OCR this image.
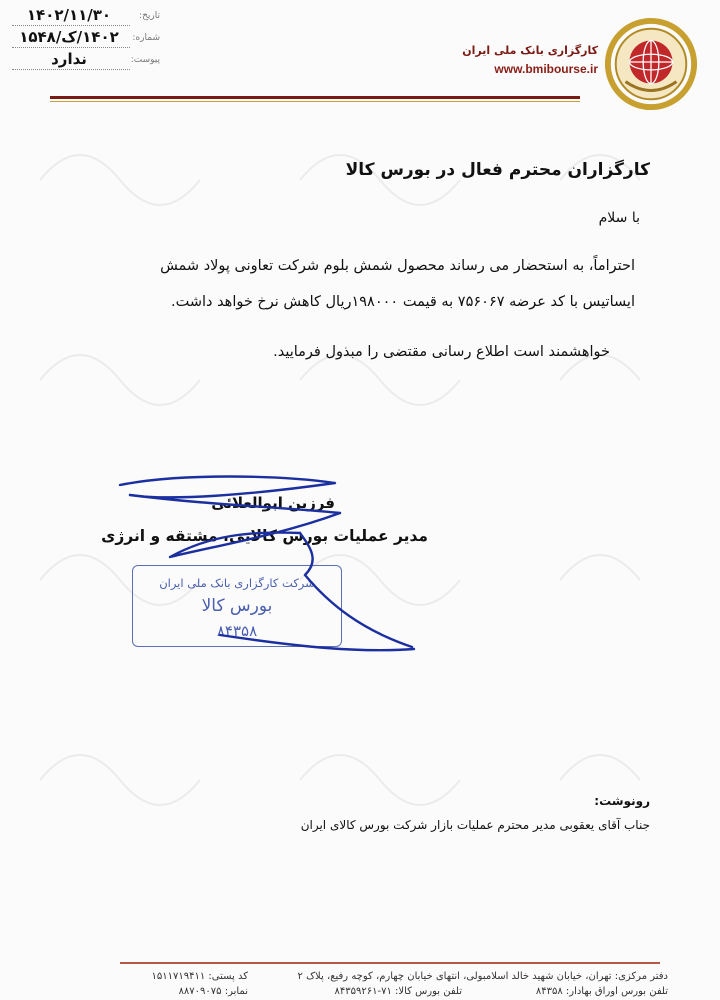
کارگزاری بانک ملی ایران
www.bmibourse.ir
تاریخ:
۱۴۰۲/۱۱/۳۰
شماره:
۱۴۰۲/ک/۱۵۴۸
پیوست:
ندارد
کارگزاران محترم فعال در بورس کالا
با سلام
احتراماً، به استحضار می رساند محصول شمش بلوم شرکت تعاونی پولاد شمش
ایساتیس با کد عرضه ۷۵۶۰۶۷ به قیمت ۱۹۸۰۰۰ریال کاهش نرخ خواهد داشت.
خواهشمند است اطلاع رسانی مقتضی را مبذول فرمایید.
شرکت کارگزاری بانک ملی ایران
بورس کالا
۸۴۳۵۸
فرزین ابوالعلائی
مدیر عملیات بورس کالایی، مشتقه و انرژی
رونوشت:
جناب آقای یعقوبی مدیر محترم عملیات بازار شرکت بورس کالای ایران
دفتر مرکزی: تهران، خیابان شهید خالد اسلامبولی، انتهای خیابان چهارم، کوچه رفیع، پلاک ۲
کد پستی: ۱۵۱۱۷۱۹۴۱۱
تلفن بورس اوراق بهادار: ۸۴۳۵۸
تلفن بورس کالا: ۷۱-۸۴۳۵۹۲۶۱
نمابر: ۸۸۷۰۹۰۷۵
